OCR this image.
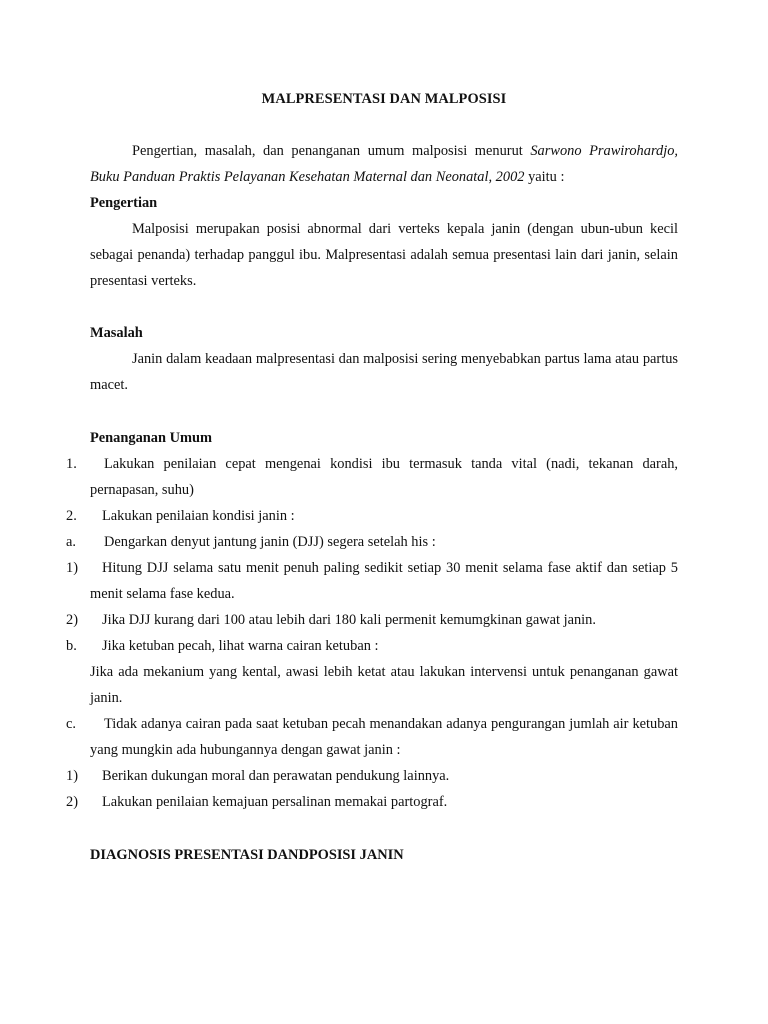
MALPRESENTASI DAN MALPOSISI
Pengertian, masalah, dan penanganan umum malposisi menurut Sarwono Prawirohardjo, Buku Panduan Praktis Pelayanan Kesehatan Maternal dan Neonatal, 2002 yaitu :
Pengertian
Malposisi merupakan posisi abnormal dari verteks kepala janin (dengan ubun-ubun kecil sebagai penanda) terhadap panggul ibu. Malpresentasi adalah semua presentasi lain dari janin, selain presentasi verteks.
Masalah
Janin dalam keadaan malpresentasi dan malposisi sering menyebabkan partus lama atau partus macet.
Penanganan Umum
1.	Lakukan penilaian cepat mengenai kondisi ibu termasuk tanda vital (nadi, tekanan darah, pernapasan, suhu)
2.	Lakukan penilaian kondisi janin :
a.	Dengarkan denyut jantung janin (DJJ) segera setelah his :
1)	Hitung DJJ selama satu menit penuh paling sedikit setiap 30 menit selama fase aktif dan setiap 5 menit selama fase kedua.
2)	Jika DJJ kurang dari 100 atau lebih dari 180 kali permenit kemumgkinan gawat janin.
b.	Jika ketuban pecah, lihat warna cairan ketuban :
Jika ada mekanium yang kental, awasi lebih ketat atau lakukan intervensi untuk penanganan gawat janin.
c.	Tidak adanya cairan pada saat ketuban pecah menandakan adanya pengurangan jumlah air ketuban yang mungkin ada hubungannya dengan gawat janin :
1)	Berikan dukungan moral dan perawatan pendukung lainnya.
2)	Lakukan penilaian kemajuan persalinan memakai partograf.
DIAGNOSIS PRESENTASI DANDPOSISI JANIN
